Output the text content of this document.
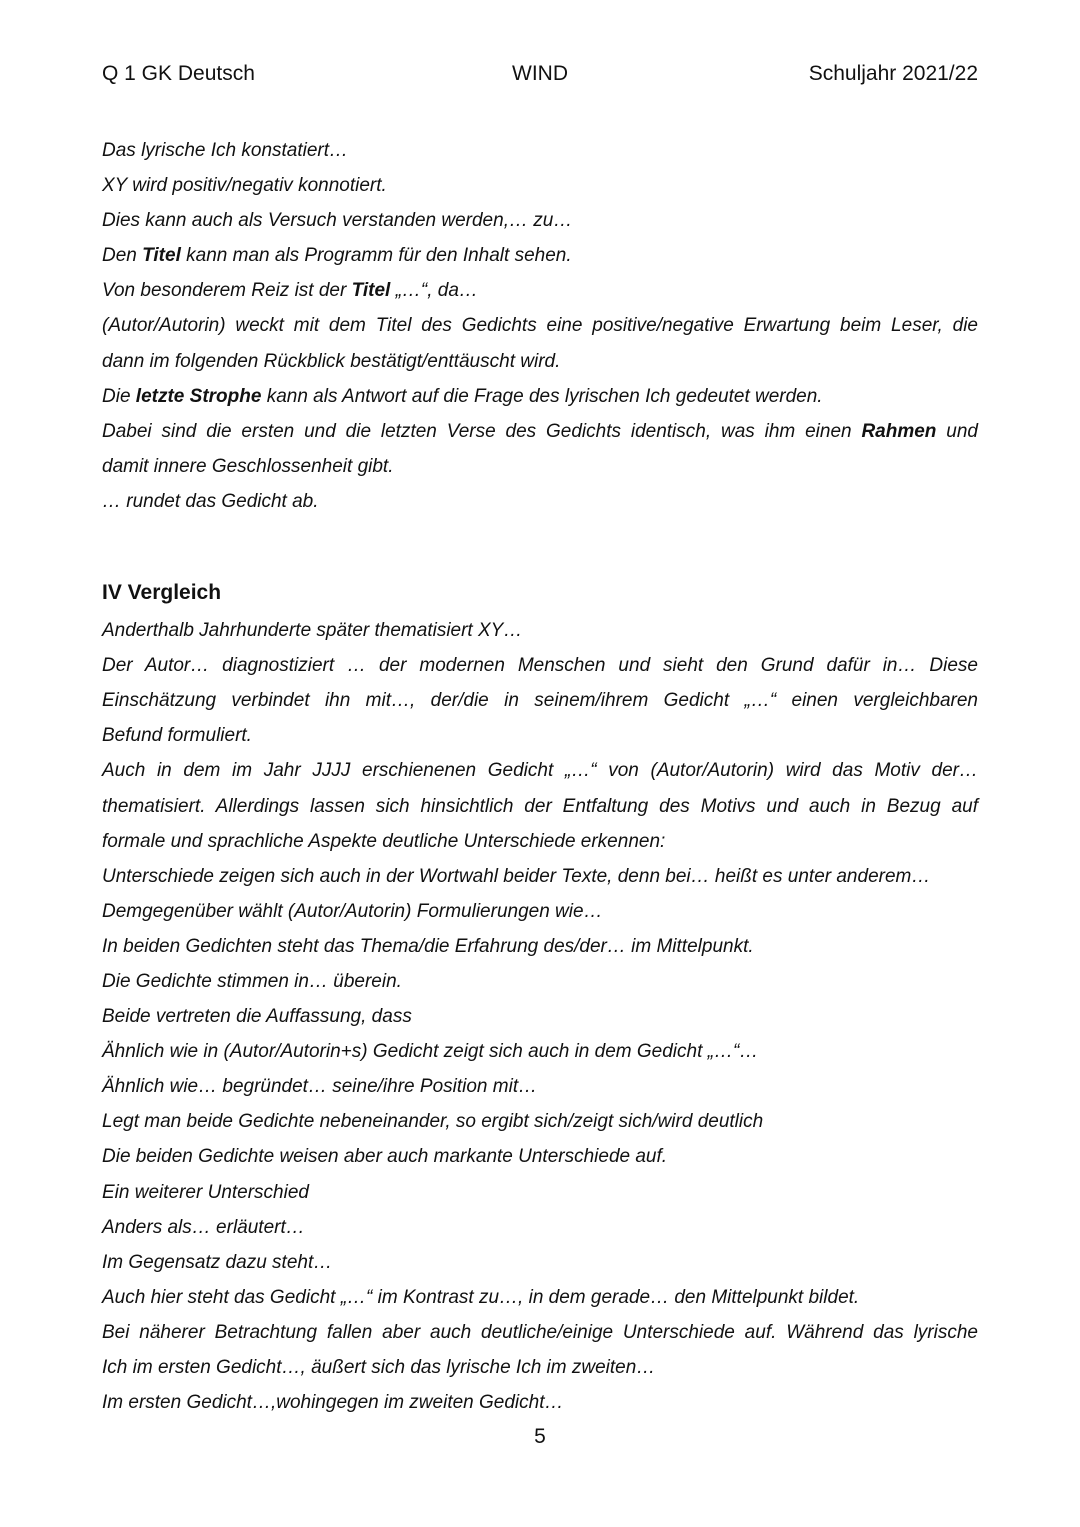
Q 1 GK Deutsch	WIND	Schuljahr 2021/22
Das lyrische Ich konstatiert…
XY wird positiv/negativ konnotiert.
Dies kann auch als Versuch verstanden werden,… zu…
Den Titel kann man als Programm für den Inhalt sehen.
Von besonderem Reiz ist der Titel „…“, da…
(Autor/Autorin) weckt mit dem Titel des Gedichts eine positive/negative Erwartung beim Leser, die
dann im folgenden Rückblick bestätigt/enttäuscht wird.
Die letzte Strophe kann als Antwort auf die Frage des lyrischen Ich gedeutet werden.
Dabei sind die ersten und die letzten Verse des Gedichts identisch, was ihm einen Rahmen und
damit innere Geschlossenheit gibt.
… rundet das Gedicht ab.
IV Vergleich
Anderthalb Jahrhunderte später thematisiert XY…
Der Autor… diagnostiziert … der modernen Menschen und sieht den Grund dafür in… Diese
Einschätzung verbindet ihn mit…, der/die in seinem/ihrem Gedicht „…“ einen vergleichbaren
Befund formuliert.
Auch in dem im Jahr JJJJ erschienenen Gedicht „…“ von (Autor/Autorin) wird das Motiv der…
thematisiert. Allerdings lassen sich hinsichtlich der Entfaltung des Motivs und auch in Bezug auf
formale und sprachliche Aspekte deutliche Unterschiede erkennen:
Unterschiede zeigen sich auch in der Wortwahl beider Texte, denn bei… heißt es unter anderem…
Demgegenüber wählt (Autor/Autorin) Formulierungen wie…
In beiden Gedichten steht das Thema/die Erfahrung des/der… im Mittelpunkt.
Die Gedichte stimmen in… überein.
Beide vertreten die Auffassung, dass
Ähnlich wie in (Autor/Autorin+s) Gedicht zeigt sich auch in dem Gedicht „…“…
Ähnlich wie… begründet… seine/ihre Position mit…
Legt man beide Gedichte nebeneinander, so ergibt sich/zeigt sich/wird deutlich
Die beiden Gedichte weisen aber auch markante Unterschiede auf.
Ein weiterer Unterschied
Anders als… erläutert…
Im Gegensatz dazu steht…
Auch hier steht das Gedicht „…“ im Kontrast zu…, in dem gerade… den Mittelpunkt bildet.
Bei näherer Betrachtung fallen aber auch deutliche/einige Unterschiede auf. Während das lyrische
Ich im ersten Gedicht…, äußert sich das lyrische Ich im zweiten…
Im ersten Gedicht…,wohingegen im zweiten Gedicht…
5
